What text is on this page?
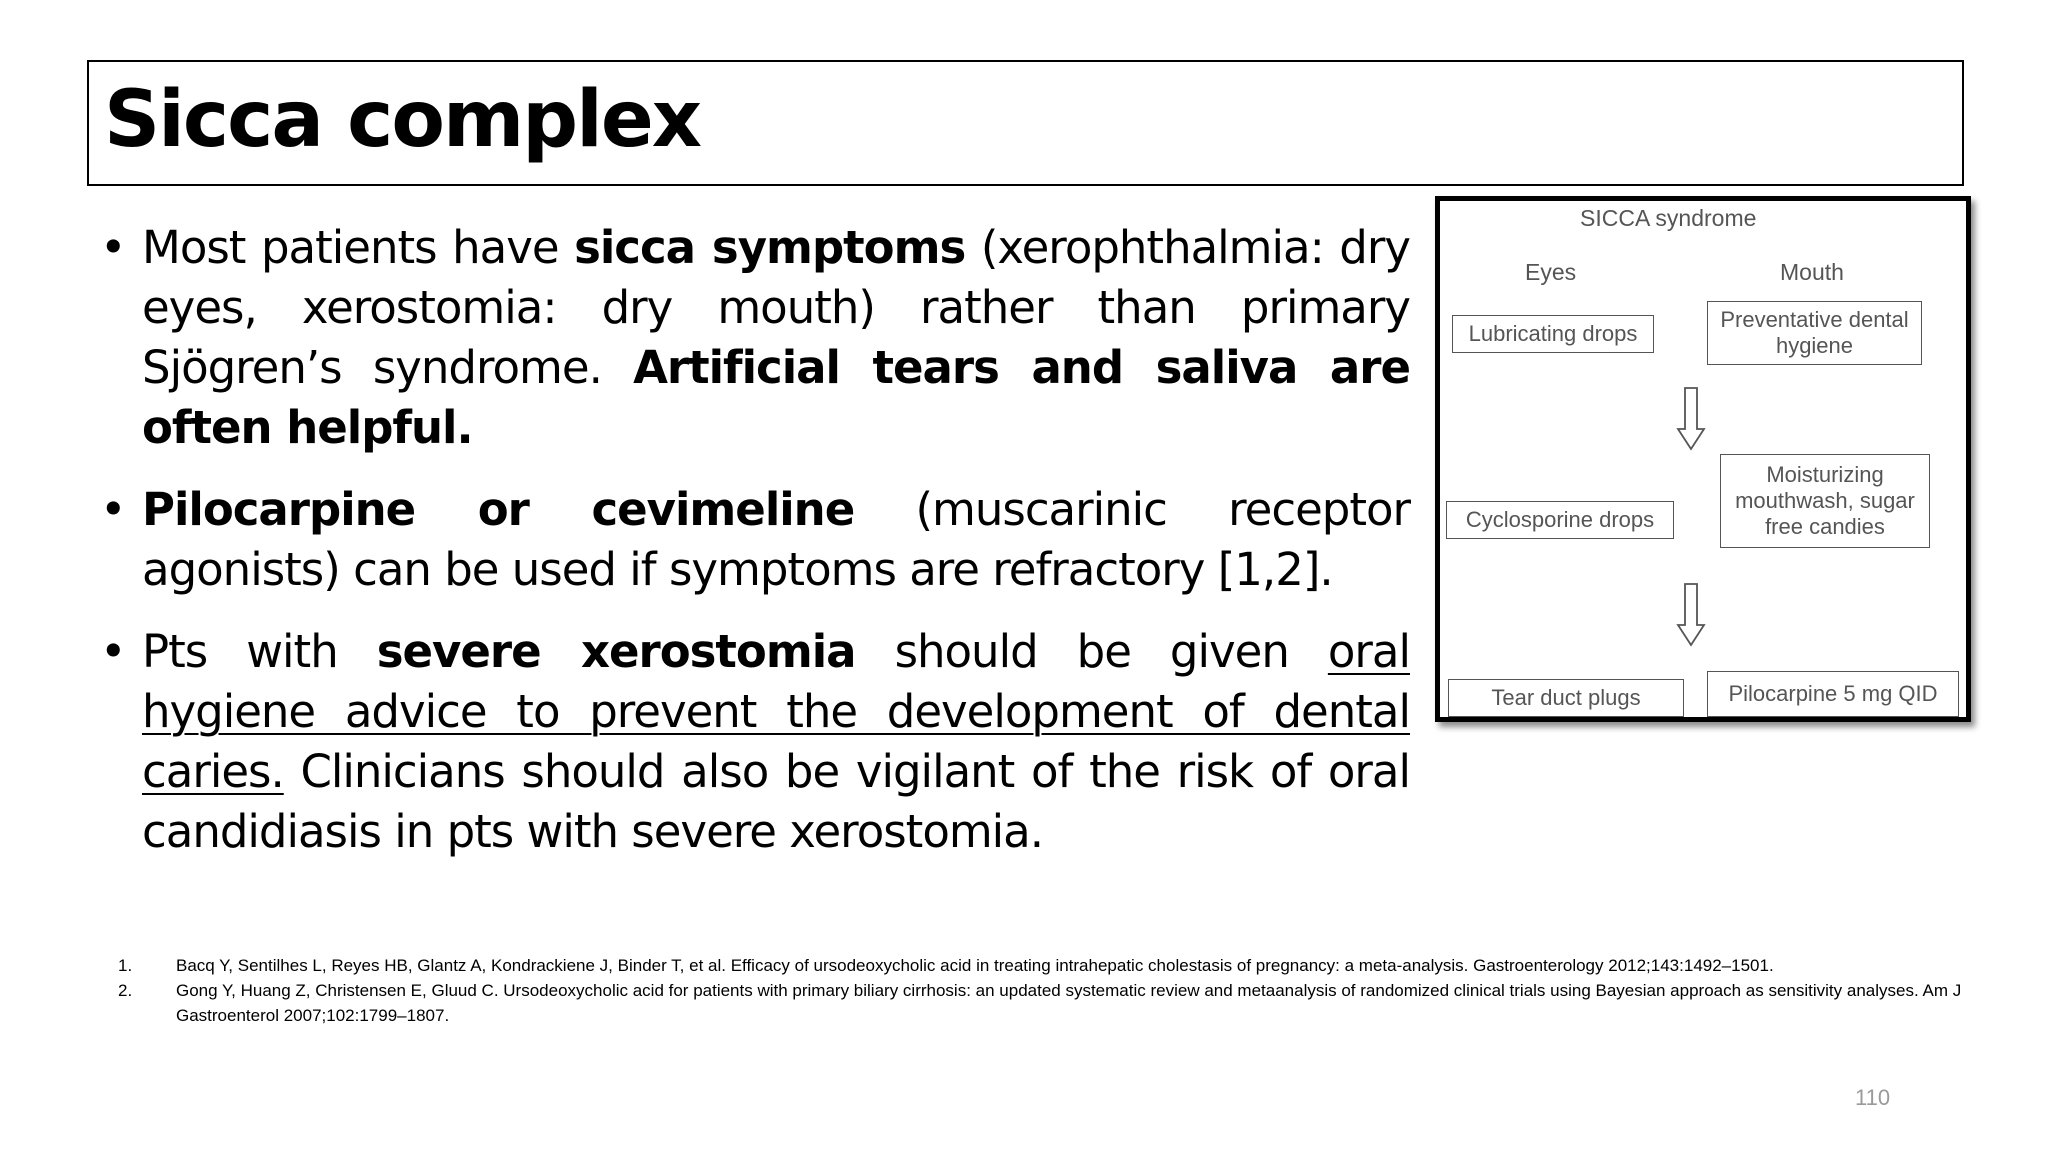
Sicca complex
• Most patients have sicca symptoms (xerophthalmia: dry eyes, xerostomia: dry mouth) rather than primary Sjögren’s syndrome. Artificial tears and saliva are often helpful.
• Pilocarpine or cevimeline (muscarinic receptor agonists) can be used if symptoms are refractory [1,2].
• Pts with severe xerostomia should be given oral hygiene advice to prevent the development of dental caries. Clinicians should also be vigilant of the risk of oral candidiasis in pts with severe xerostomia.
SICCA syndrome
Eyes	Mouth
Lubricating drops
Preventative dental hygiene
Cyclosporine drops
Moisturizing mouthwash, sugar free candies
Tear duct plugs	Pilocarpine 5 mg QID
1.	Bacq Y, Sentilhes L, Reyes HB, Glantz A, Kondrackiene J, Binder T, et al. Efficacy of ursodeoxycholic acid in treating intrahepatic cholestasis of pregnancy: a meta-analysis. Gastroenterology 2012;143:1492–1501.
2.	Gong Y, Huang Z, Christensen E, Gluud C. Ursodeoxycholic acid for patients with primary biliary cirrhosis: an updated systematic review and metaanalysis of randomized clinical trials using Bayesian approach as sensitivity analyses. Am J Gastroenterol 2007;102:1799–1807.
110
